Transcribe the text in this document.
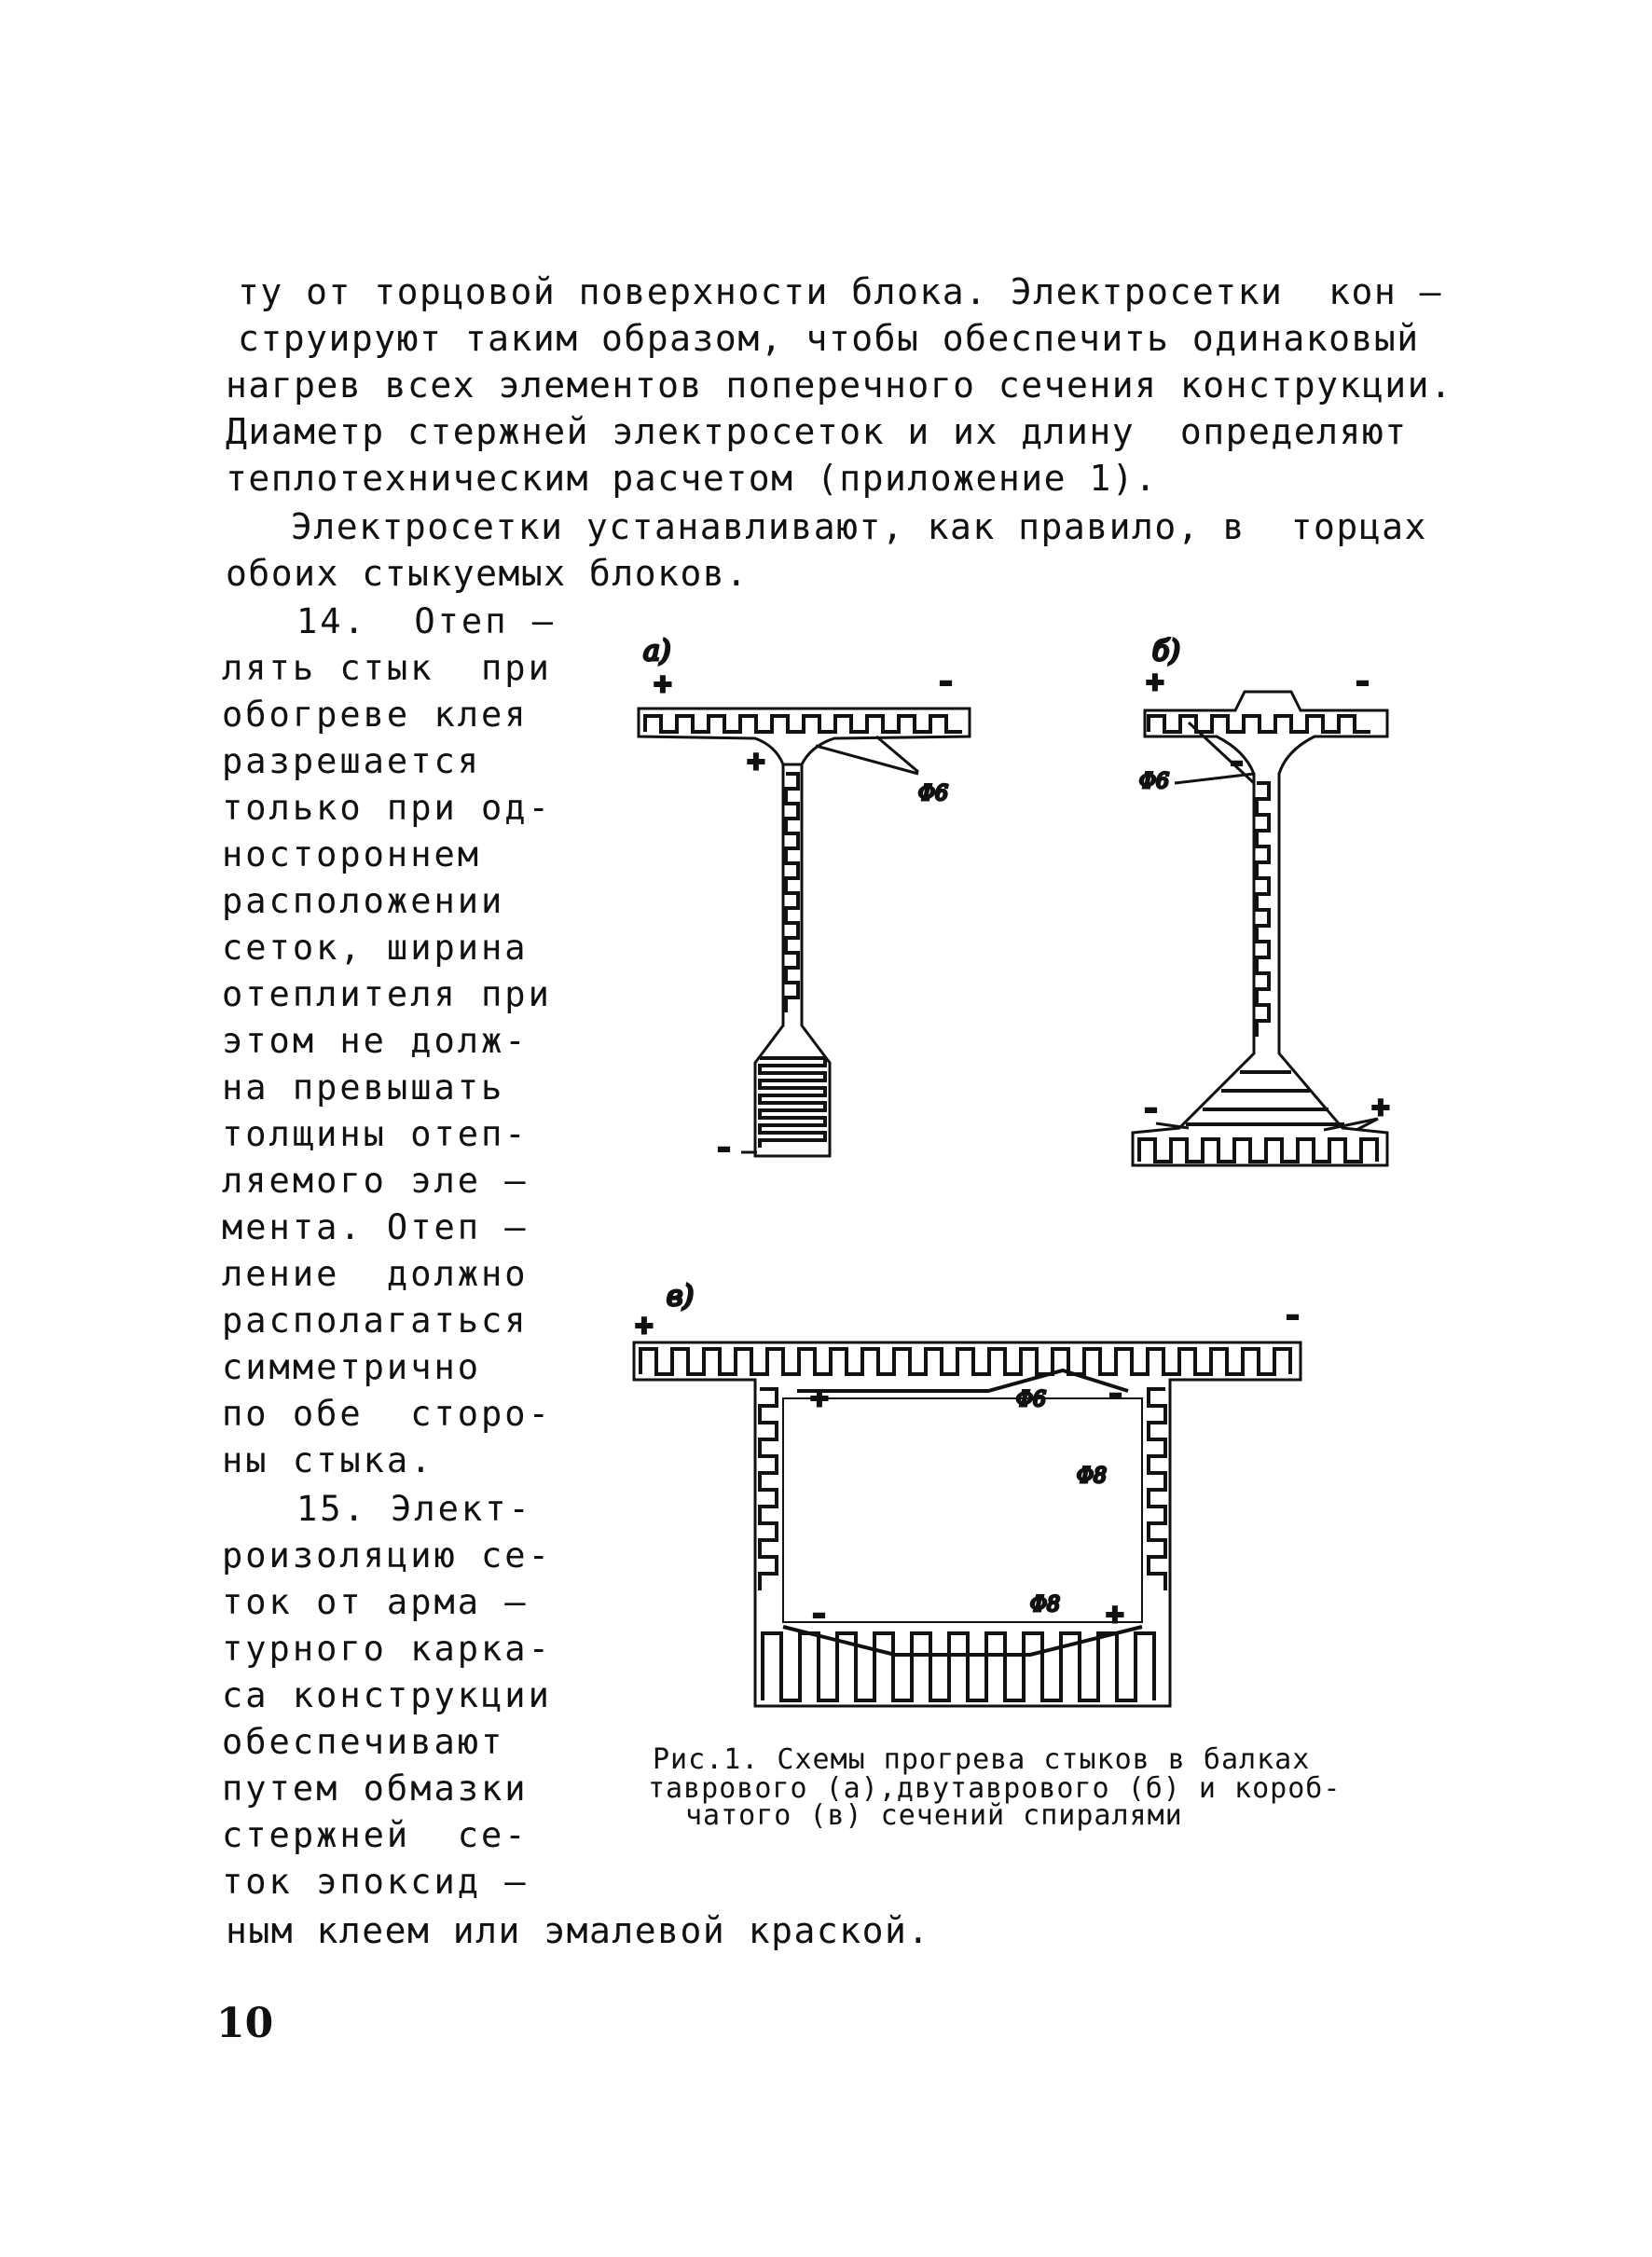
ту от торцовой поверхности блока. Электросетки  кон –
струируют таким образом, чтобы обеспечить одинаковый
нагрев всех элементов поперечного сечения конструкции.
Диаметр стержней электросеток и их длину  определяют
теплотехническим расчетом (приложение 1).
Электросетки устанавливают, как правило, в  торцах
обоих стыкуемых блоков.
14.  Отеп –
лять стык  при
обогреве клея
разрешается
только при од-
ностороннем
расположении
сеток, ширина
отеплителя при
этом не долж-
на превышать
толщины отеп-
ляемого эле –
мента. Отеп –
ление  должно
располагаться
симметрично
по обе  сторо-
ны стыка.
15. Элект-
роизоляцию се-
ток от арма –
турного карка-
са конструкции
обеспечивают
путем обмазки
стержней  се-
ток эпоксид –
ным клеем или эмалевой краской.
а)
+	–
+
–
Φ6
б)
+	–
–
Φ6
–	+
в)
+	–
+	–
Φ6
Φ8
Φ8
–	+
Рис.1. Схемы прогрева стыков в балках
таврового (а),двутаврового (б) и короб-
чатого (в) сечений спиралями
10
